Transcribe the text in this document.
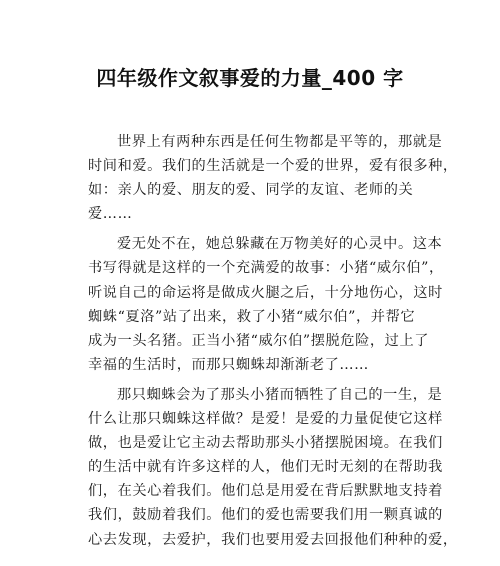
四年级作文叙事爱的力量_400 字
世界上有两种东西是任何生物都是平等的，那就是
时间和爱。我们的生活就是一个爱的世界，爱有很多种，
如：亲人的爱、朋友的爱、同学的友谊、老师的关
爱……
爱无处不在，她总躲藏在万物美好的心灵中。这本
书写得就是这样的一个充满爱的故事：小猪“威尔伯”，
听说自己的命运将是做成火腿之后，十分地伤心，这时
蜘蛛“夏洛”站了出来，救了小猪“威尔伯”，并帮它
成为一头名猪。正当小猪“威尔伯”摆脱危险，过上了
幸福的生活时，而那只蜘蛛却渐渐老了……
那只蜘蛛会为了那头小猪而牺牲了自己的一生，是
什么让那只蜘蛛这样做？是爱！是爱的力量促使它这样
做，也是爱让它主动去帮助那头小猪摆脱困境。在我们
的生活中就有许多这样的人，他们无时无刻的在帮助我
们，在关心着我们。他们总是用爱在背后默默地支持着
我们，鼓励着我们。他们的爱也需要我们用一颗真诚的
心去发现，去爱护，我们也要用爱去回报他们种种的爱，
